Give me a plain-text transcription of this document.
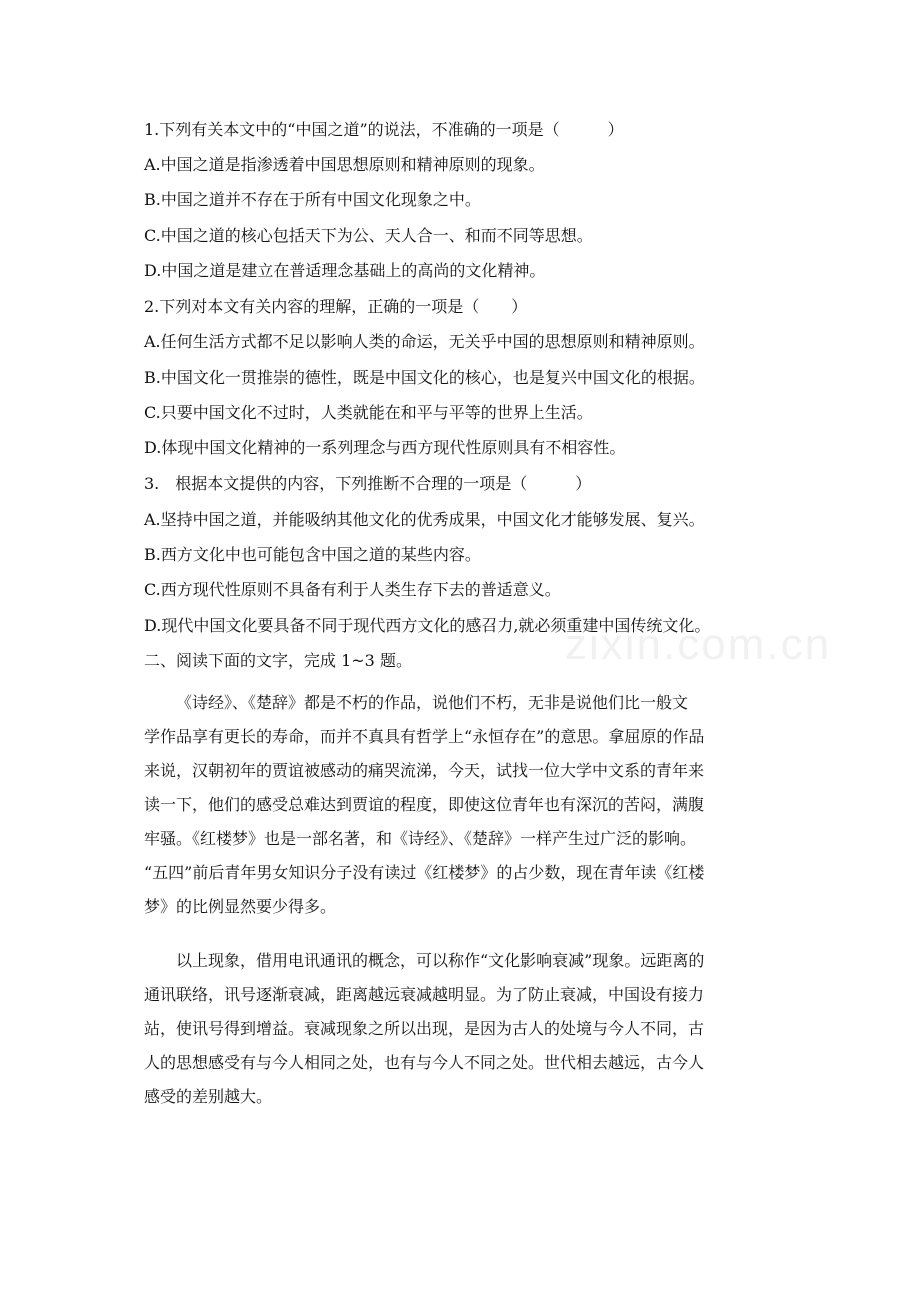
zixin.com.cn
1.下列有关本文中的“中国之道”的说法，不准确的一项是（　　　）
A.中国之道是指渗透着中国思想原则和精神原则的现象。
B.中国之道并不存在于所有中国文化现象之中。
C.中国之道的核心包括天下为公、天人合一、和而不同等思想。
D.中国之道是建立在普适理念基础上的高尚的文化精神。
2.下列对本文有关内容的理解，正确的一项是（　　）
A.任何生活方式都不足以影响人类的命运，无关乎中国的思想原则和精神原则。
B.中国文化一贯推崇的德性，既是中国文化的核心，也是复兴中国文化的根据。
C.只要中国文化不过时，人类就能在和平与平等的世界上生活。
D.体现中国文化精神的一系列理念与西方现代性原则具有不相容性。
3.　根据本文提供的内容，下列推断不合理的一项是（　　　）
A.坚持中国之道，并能吸纳其他文化的优秀成果，中国文化才能够发展、复兴。
B.西方文化中也可能包含中国之道的某些内容。
C.西方现代性原则不具备有利于人类生存下去的普适意义。
D.现代中国文化要具备不同于现代西方文化的感召力,就必须重建中国传统文化。
二、阅读下面的文字，完成 1~3 题。
《诗经》、《楚辞》都是不朽的作品，说他们不朽，无非是说他们比一般文
学作品享有更长的寿命，而并不真具有哲学上“永恒存在”的意思。拿屈原的作品
来说，汉朝初年的贾谊被感动的痛哭流涕，今天，试找一位大学中文系的青年来
读一下，他们的感受总难达到贾谊的程度，即使这位青年也有深沉的苦闷，满腹
牢骚。《红楼梦》也是一部名著，和《诗经》、《楚辞》一样产生过广泛的影响。
“五四”前后青年男女知识分子没有读过《红楼梦》的占少数，现在青年读《红楼
梦》的比例显然要少得多。
以上现象，借用电讯通讯的概念，可以称作“文化影响衰减”现象。远距离的
通讯联络，讯号逐渐衰减，距离越远衰减越明显。为了防止衰减，中国设有接力
站，使讯号得到增益。衰减现象之所以出现，是因为古人的处境与今人不同，古
人的思想感受有与今人相同之处，也有与今人不同之处。世代相去越远，古今人
感受的差别越大。
